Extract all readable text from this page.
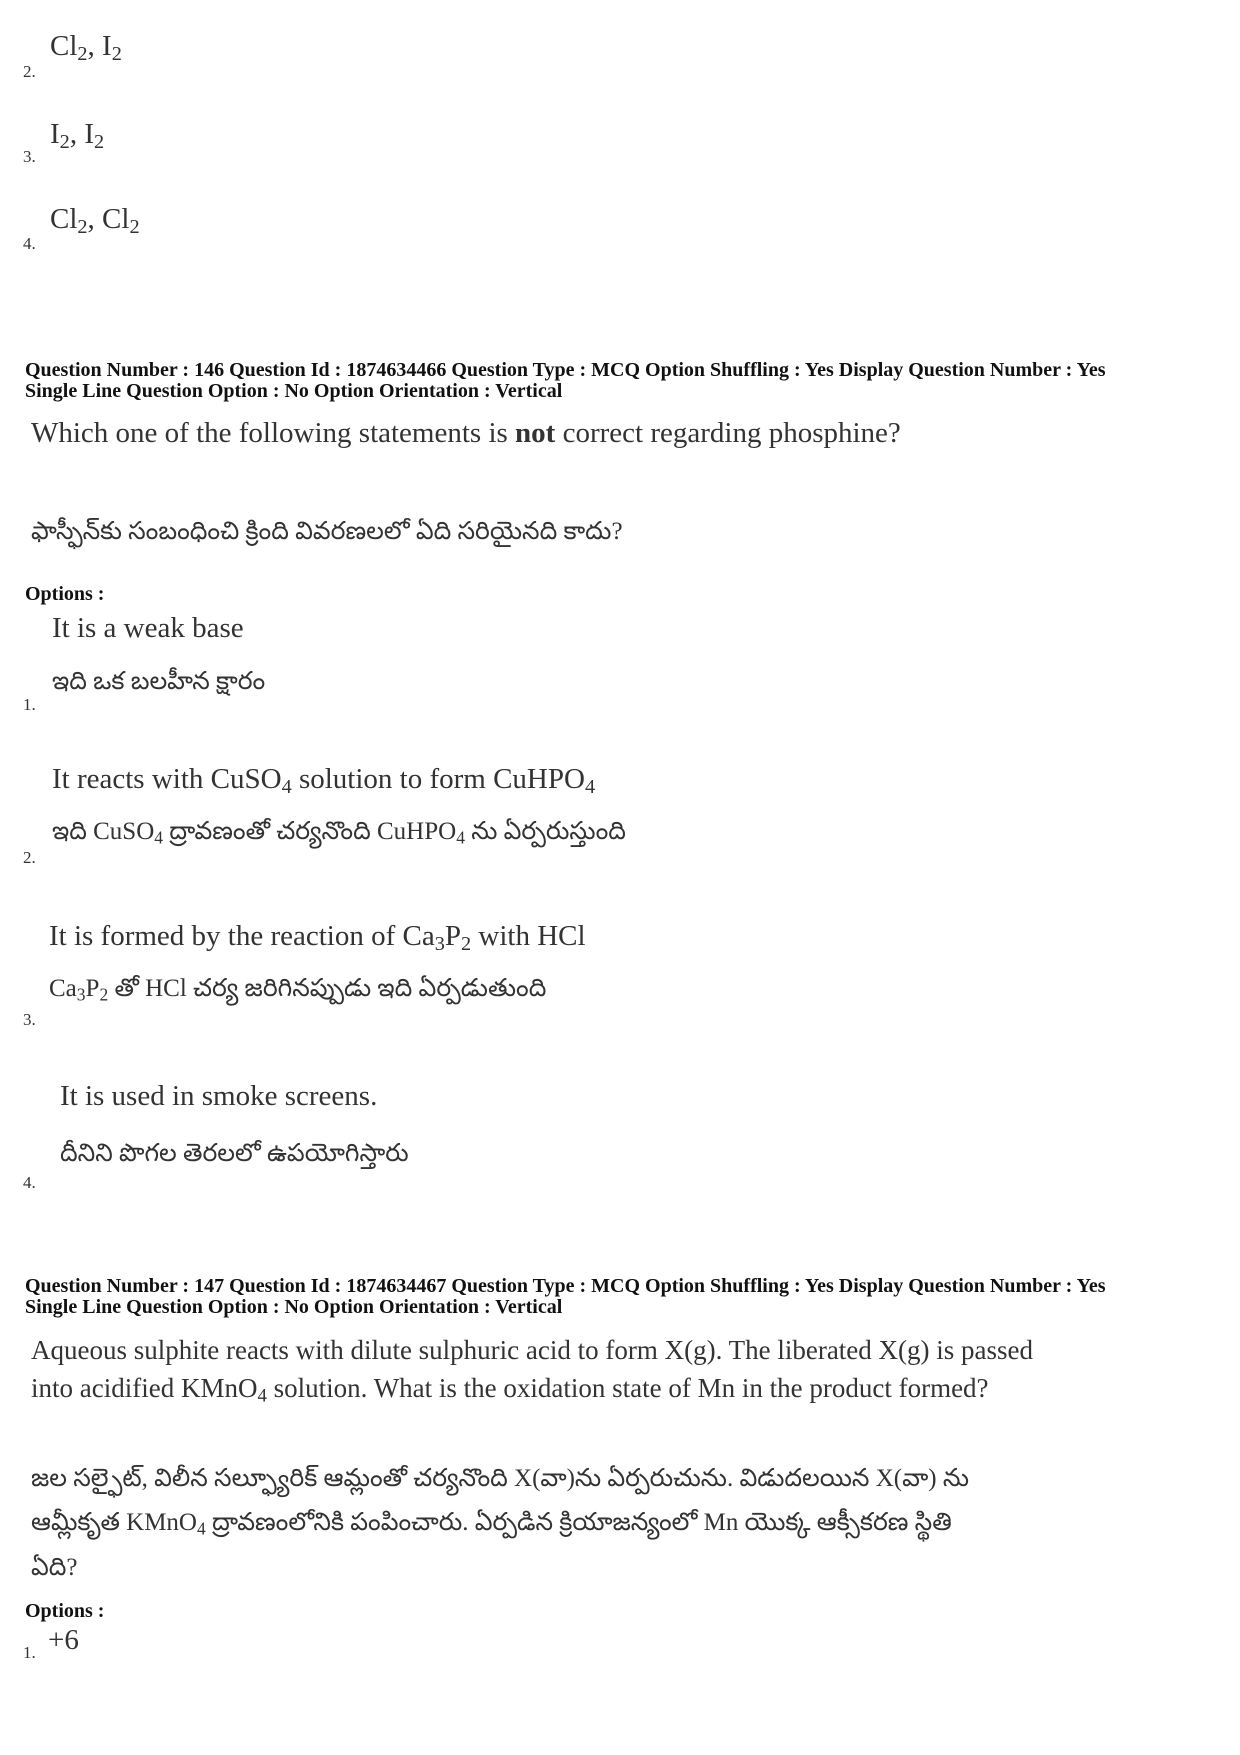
2.
$Cl_2$, $I_2$
3.
$I_2$, $I_2$
4.
$Cl_2$, $Cl_2$
Question Number : 146 Question Id : 1874634466 Question Type : MCQ Option Shuffling : Yes Display Question Number : Yes
Single Line Question Option : No Option Orientation : Vertical
Which one of the following statements is not correct regarding phosphine?
ఫాస్ఫీన్‌కు సంబంధించి క్రింది వివరణలలో ఏది సరియైనది కాదు?
Options :
It is a weak base
ఇది ఒక బలహీన క్షారం
1.
It reacts with CuSO$_4$ solution to form CuHPO$_4$
ఇది CuSO$_4$ ద్రావణంతో చర్యనొంది CuHPO$_4$ ను ఏర్పరుస్తుంది
2.
It is formed by the reaction of $Ca_3P_2$ with HCl
$Ca_3P_2$ తో HCl చర్య జరిగినప్పుడు ఇది ఏర్పడుతుంది
3.
It is used in smoke screens.
దీనిని పొగల తెరలలో ఉపయోగిస్తారు
4.
Question Number : 147 Question Id : 1874634467 Question Type : MCQ Option Shuffling : Yes Display Question Number : Yes
Single Line Question Option : No Option Orientation : Vertical
Aqueous sulphite reacts with dilute sulphuric acid to form X(g). The liberated X(g) is passed
into acidified KMnO$_4$ solution. What is the oxidation state of Mn in the product formed?
జల సల్ఫైట్, విలీన సల్ఫ్యూరిక్ ఆమ్లంతో చర్యనొంది X(వా)ను ఏర్పరుచును. విడుదలయిన X(వా) ను
ఆమ్లీకృత KMnO$_4$ ద్రావణంలోనికి పంపించారు. ఏర్పడిన క్రియాజన్యంలో Mn యొక్క ఆక్సీకరణ స్థితి
ఏది?
Options :
1. +6
